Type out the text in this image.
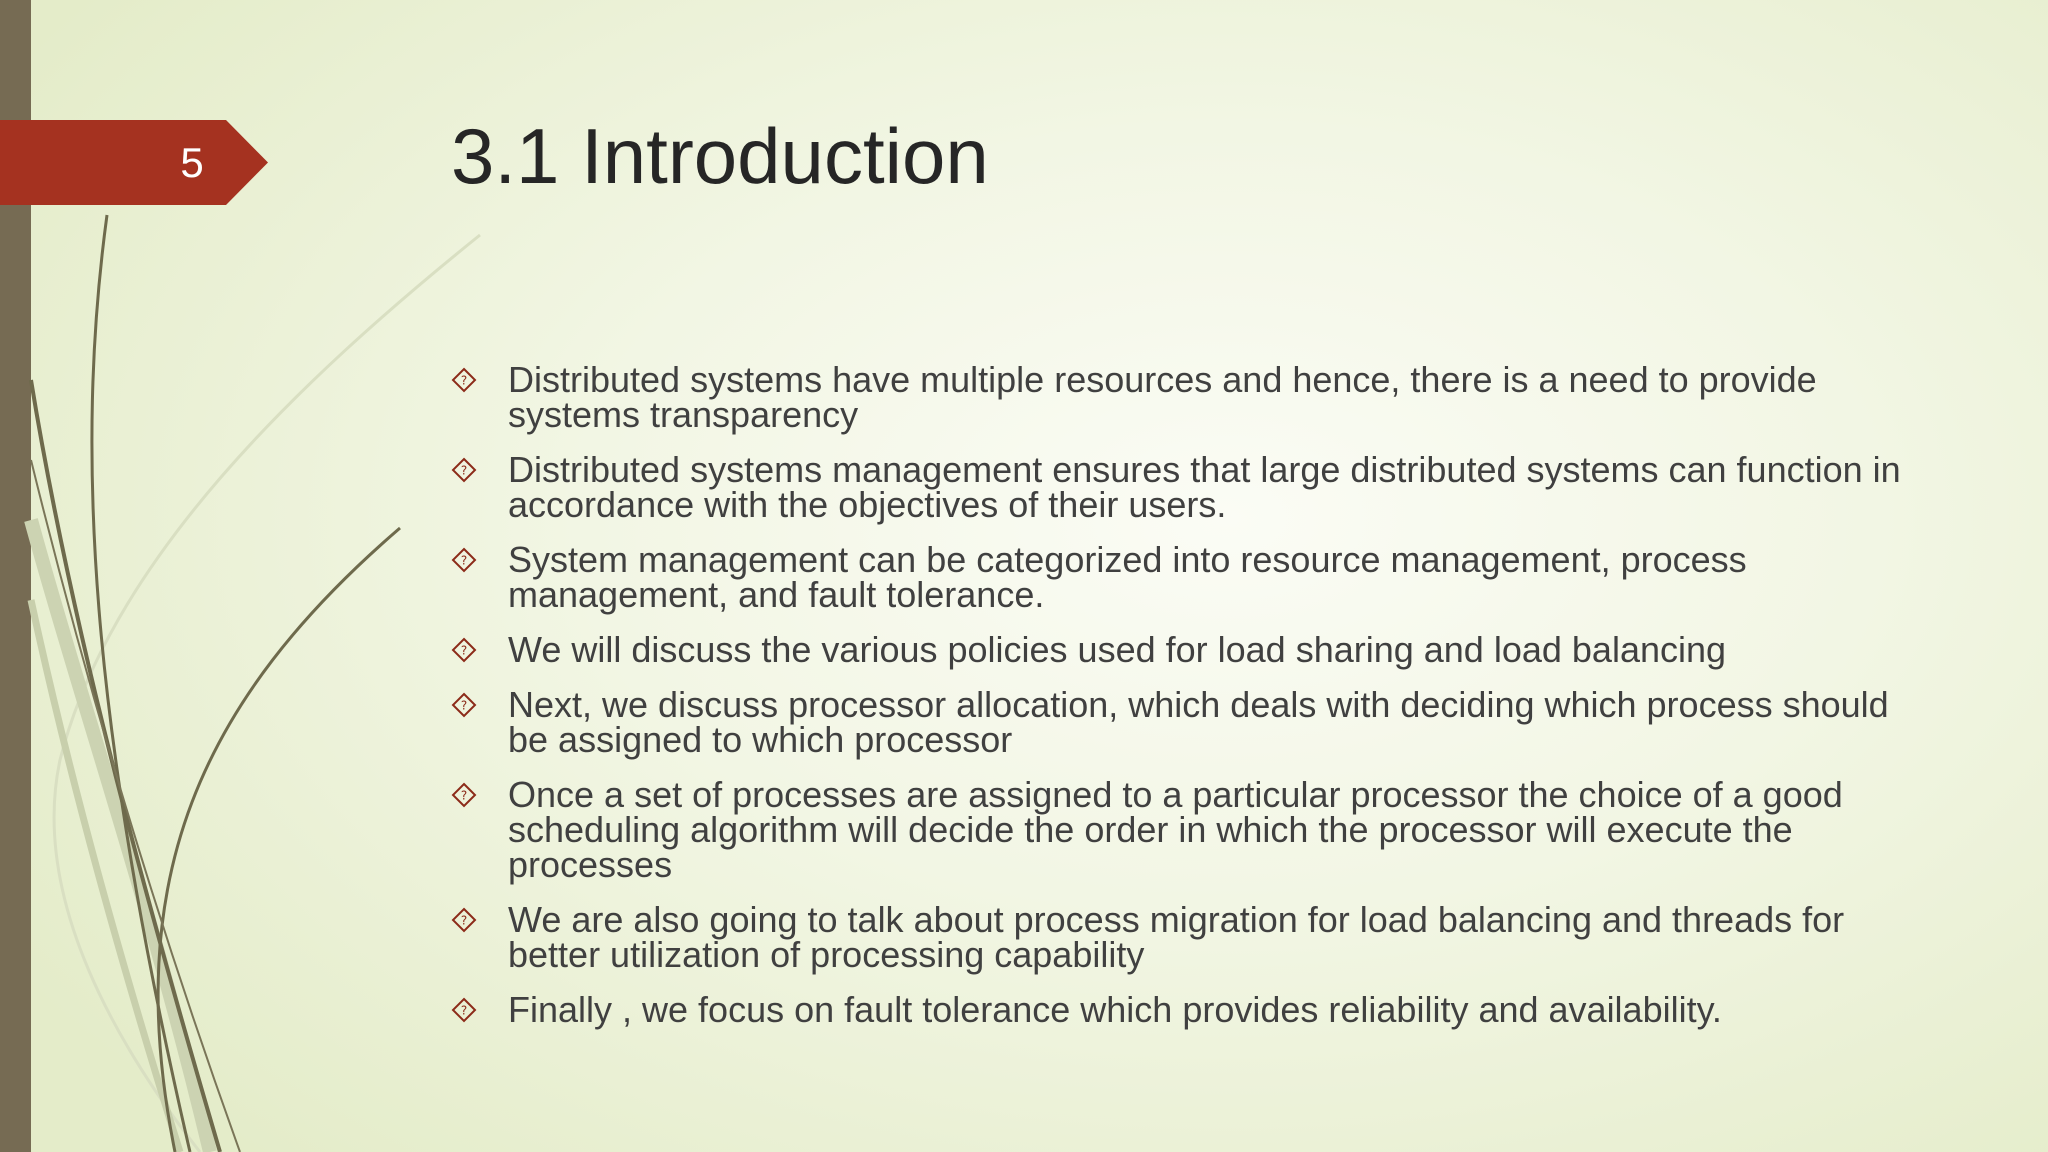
5	3.1 Introduction
? Distributed systems have multiple resources and hence, there is a need to provide systems transparency
? Distributed systems management ensures that large distributed systems can function in accordance with the objectives of their users.
? System management can be categorized into resource management, process management, and fault tolerance.
? We will discuss the various policies used for load sharing and load balancing
? Next, we discuss processor allocation, which deals with deciding which process should be assigned to which processor
? Once a set of processes are assigned to a particular processor the choice of a good scheduling algorithm will decide the order in which the processor will execute the processes
? We are also going to talk about process migration for load balancing and threads for better utilization of processing capability
? Finally , we focus on fault tolerance which provides reliability and availability.
